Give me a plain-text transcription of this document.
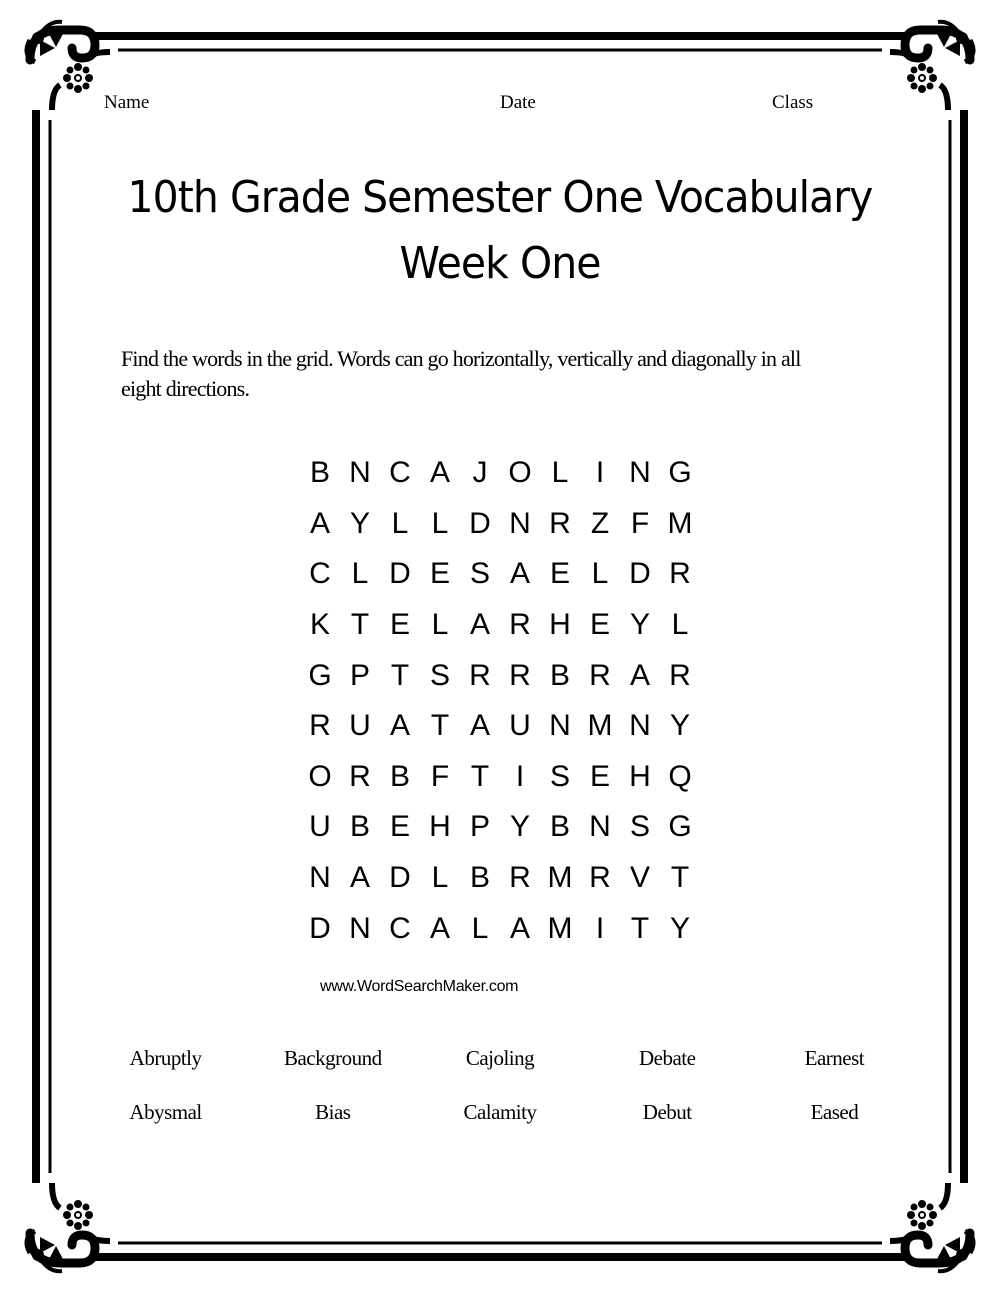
Name	Date	Class
10th Grade Semester One Vocabulary Week One
Find the words in the grid. Words can go horizontally, vertically and diagonally in all eight directions.
B N C A J O L I N G
A Y L L D N R Z F M
C L D E S A E L D R
K T E L A R H E Y L
G P T S R R B R A R
R U A T A U N M N Y
O R B F T I S E H Q
U B E H P Y B N S G
N A D L B R M R V T
D N C A L A M I T Y
www.WordSearchMaker.com
Abruptly	Background	Cajoling	Debate	Earnest
Abysmal	Bias	Calamity	Debut	Eased
